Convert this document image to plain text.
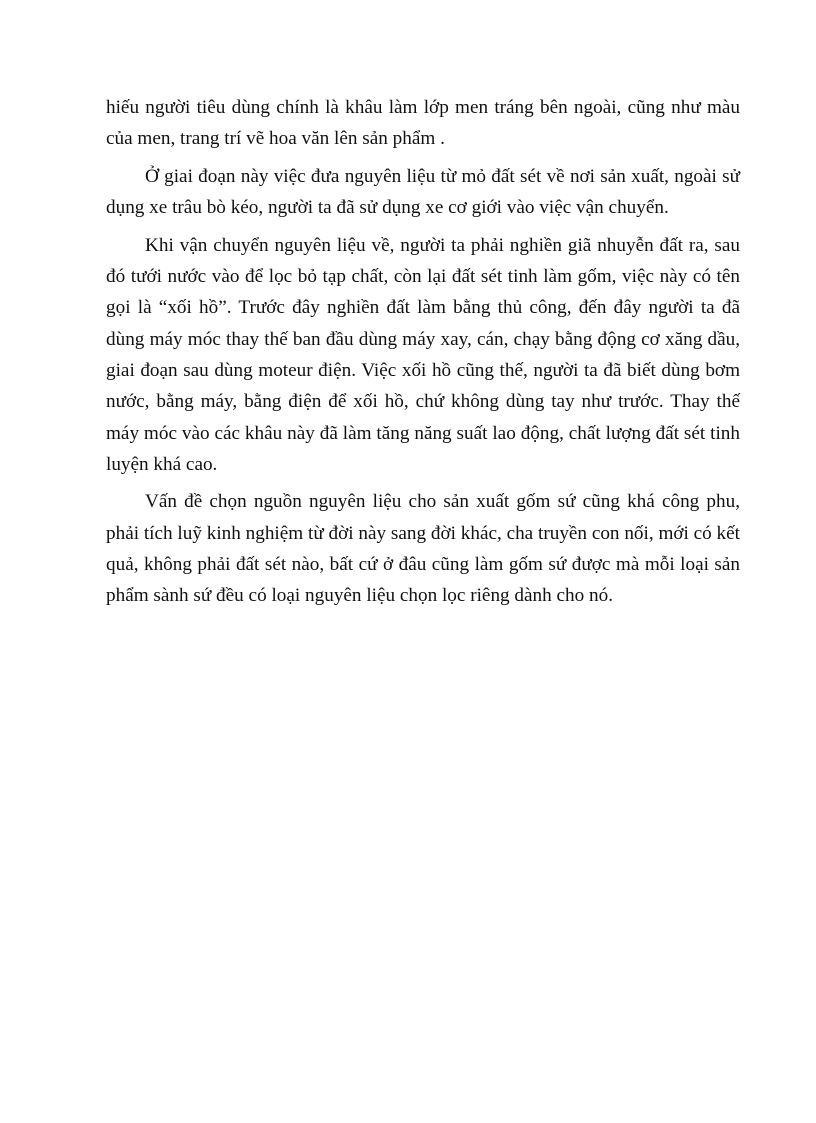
hiếu người tiêu dùng chính là khâu làm lớp men tráng bên ngoài, cũng như màu của men, trang trí vẽ hoa văn lên sản phẩm .

Ở giai đoạn này việc đưa nguyên liệu từ mỏ đất sét về nơi sản xuất, ngoài sử dụng xe trâu bò kéo, người ta đã sử dụng xe cơ giới vào việc vận chuyển.

Khi vận chuyển nguyên liệu về, người ta phải nghiền giã nhuyễn đất ra, sau đó tưới nước vào để lọc bỏ tạp chất, còn lại đất sét tinh làm gốm, việc này có tên gọi là “xối hồ”. Trước đây nghiền đất làm bằng thủ công, đến đây người ta đã dùng máy móc thay thế ban đầu dùng máy xay, cán, chạy bằng động cơ xăng dầu, giai đoạn sau dùng moteur điện. Việc xối hồ cũng thế, người ta đã biết dùng bơm nước, bằng máy, bằng điện để xối hồ, chứ không dùng tay như trước. Thay thế máy móc vào các khâu này đã làm tăng năng suất lao động, chất lượng đất sét tinh luyện khá cao.

Vấn đề chọn nguồn nguyên liệu cho sản xuất gốm sứ cũng khá công phu, phải tích luỹ kinh nghiệm từ đời này sang đời khác, cha truyền con nối, mới có kết quả, không phải đất sét nào, bất cứ ở đâu cũng làm gốm sứ được mà mỗi loại sản phẩm sành sứ đều có loại nguyên liệu chọn lọc riêng dành cho nó.
